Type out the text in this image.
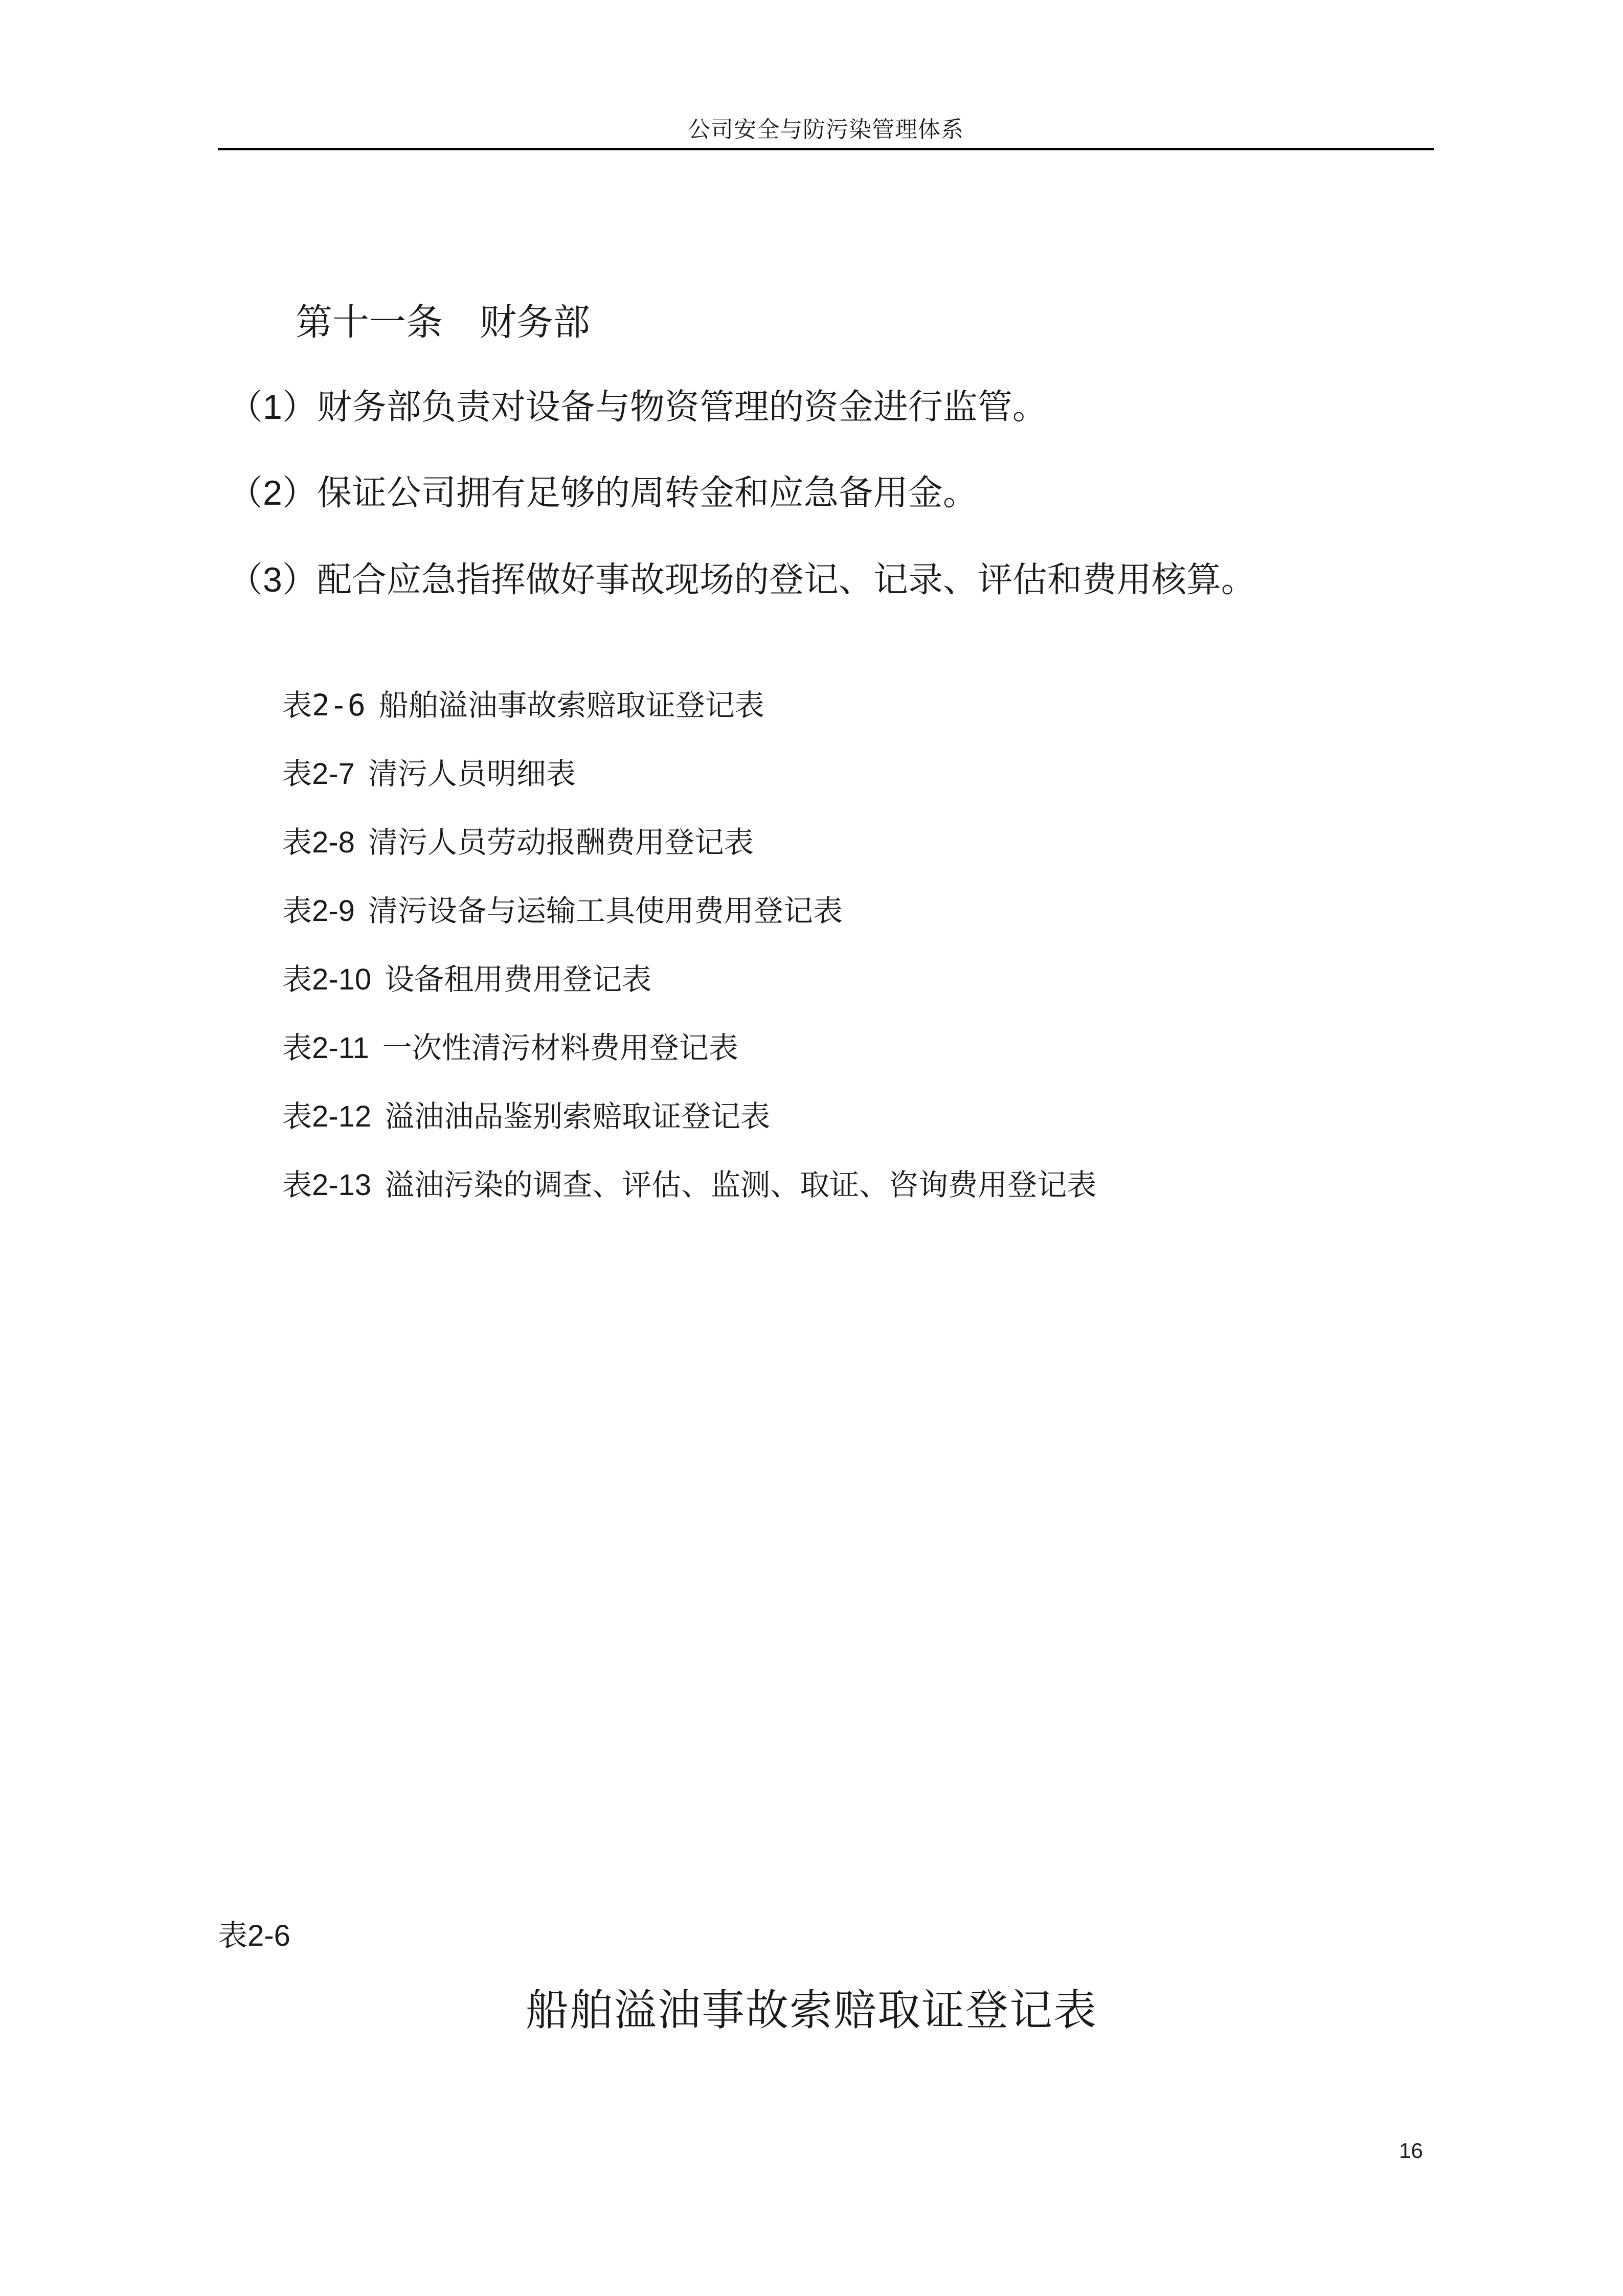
公司安全与防污染管理体系
第十一条　财务部
（1）财务部负责对设备与物资管理的资金进行监管。
（2）保证公司拥有足够的周转金和应急备用金。
（3）配合应急指挥做好事故现场的登记、记录、评估和费用核算。
表2-6 船舶溢油事故索赔取证登记表
表2-7 清污人员明细表
表2-8 清污人员劳动报酬费用登记表
表2-9 清污设备与运输工具使用费用登记表
表2-10 设备租用费用登记表
表2-11 一次性清污材料费用登记表
表2-12 溢油油品鉴别索赔取证登记表
表2-13 溢油污染的调查、评估、监测、取证、咨询费用登记表
表2-6
船舶溢油事故索赔取证登记表
16
